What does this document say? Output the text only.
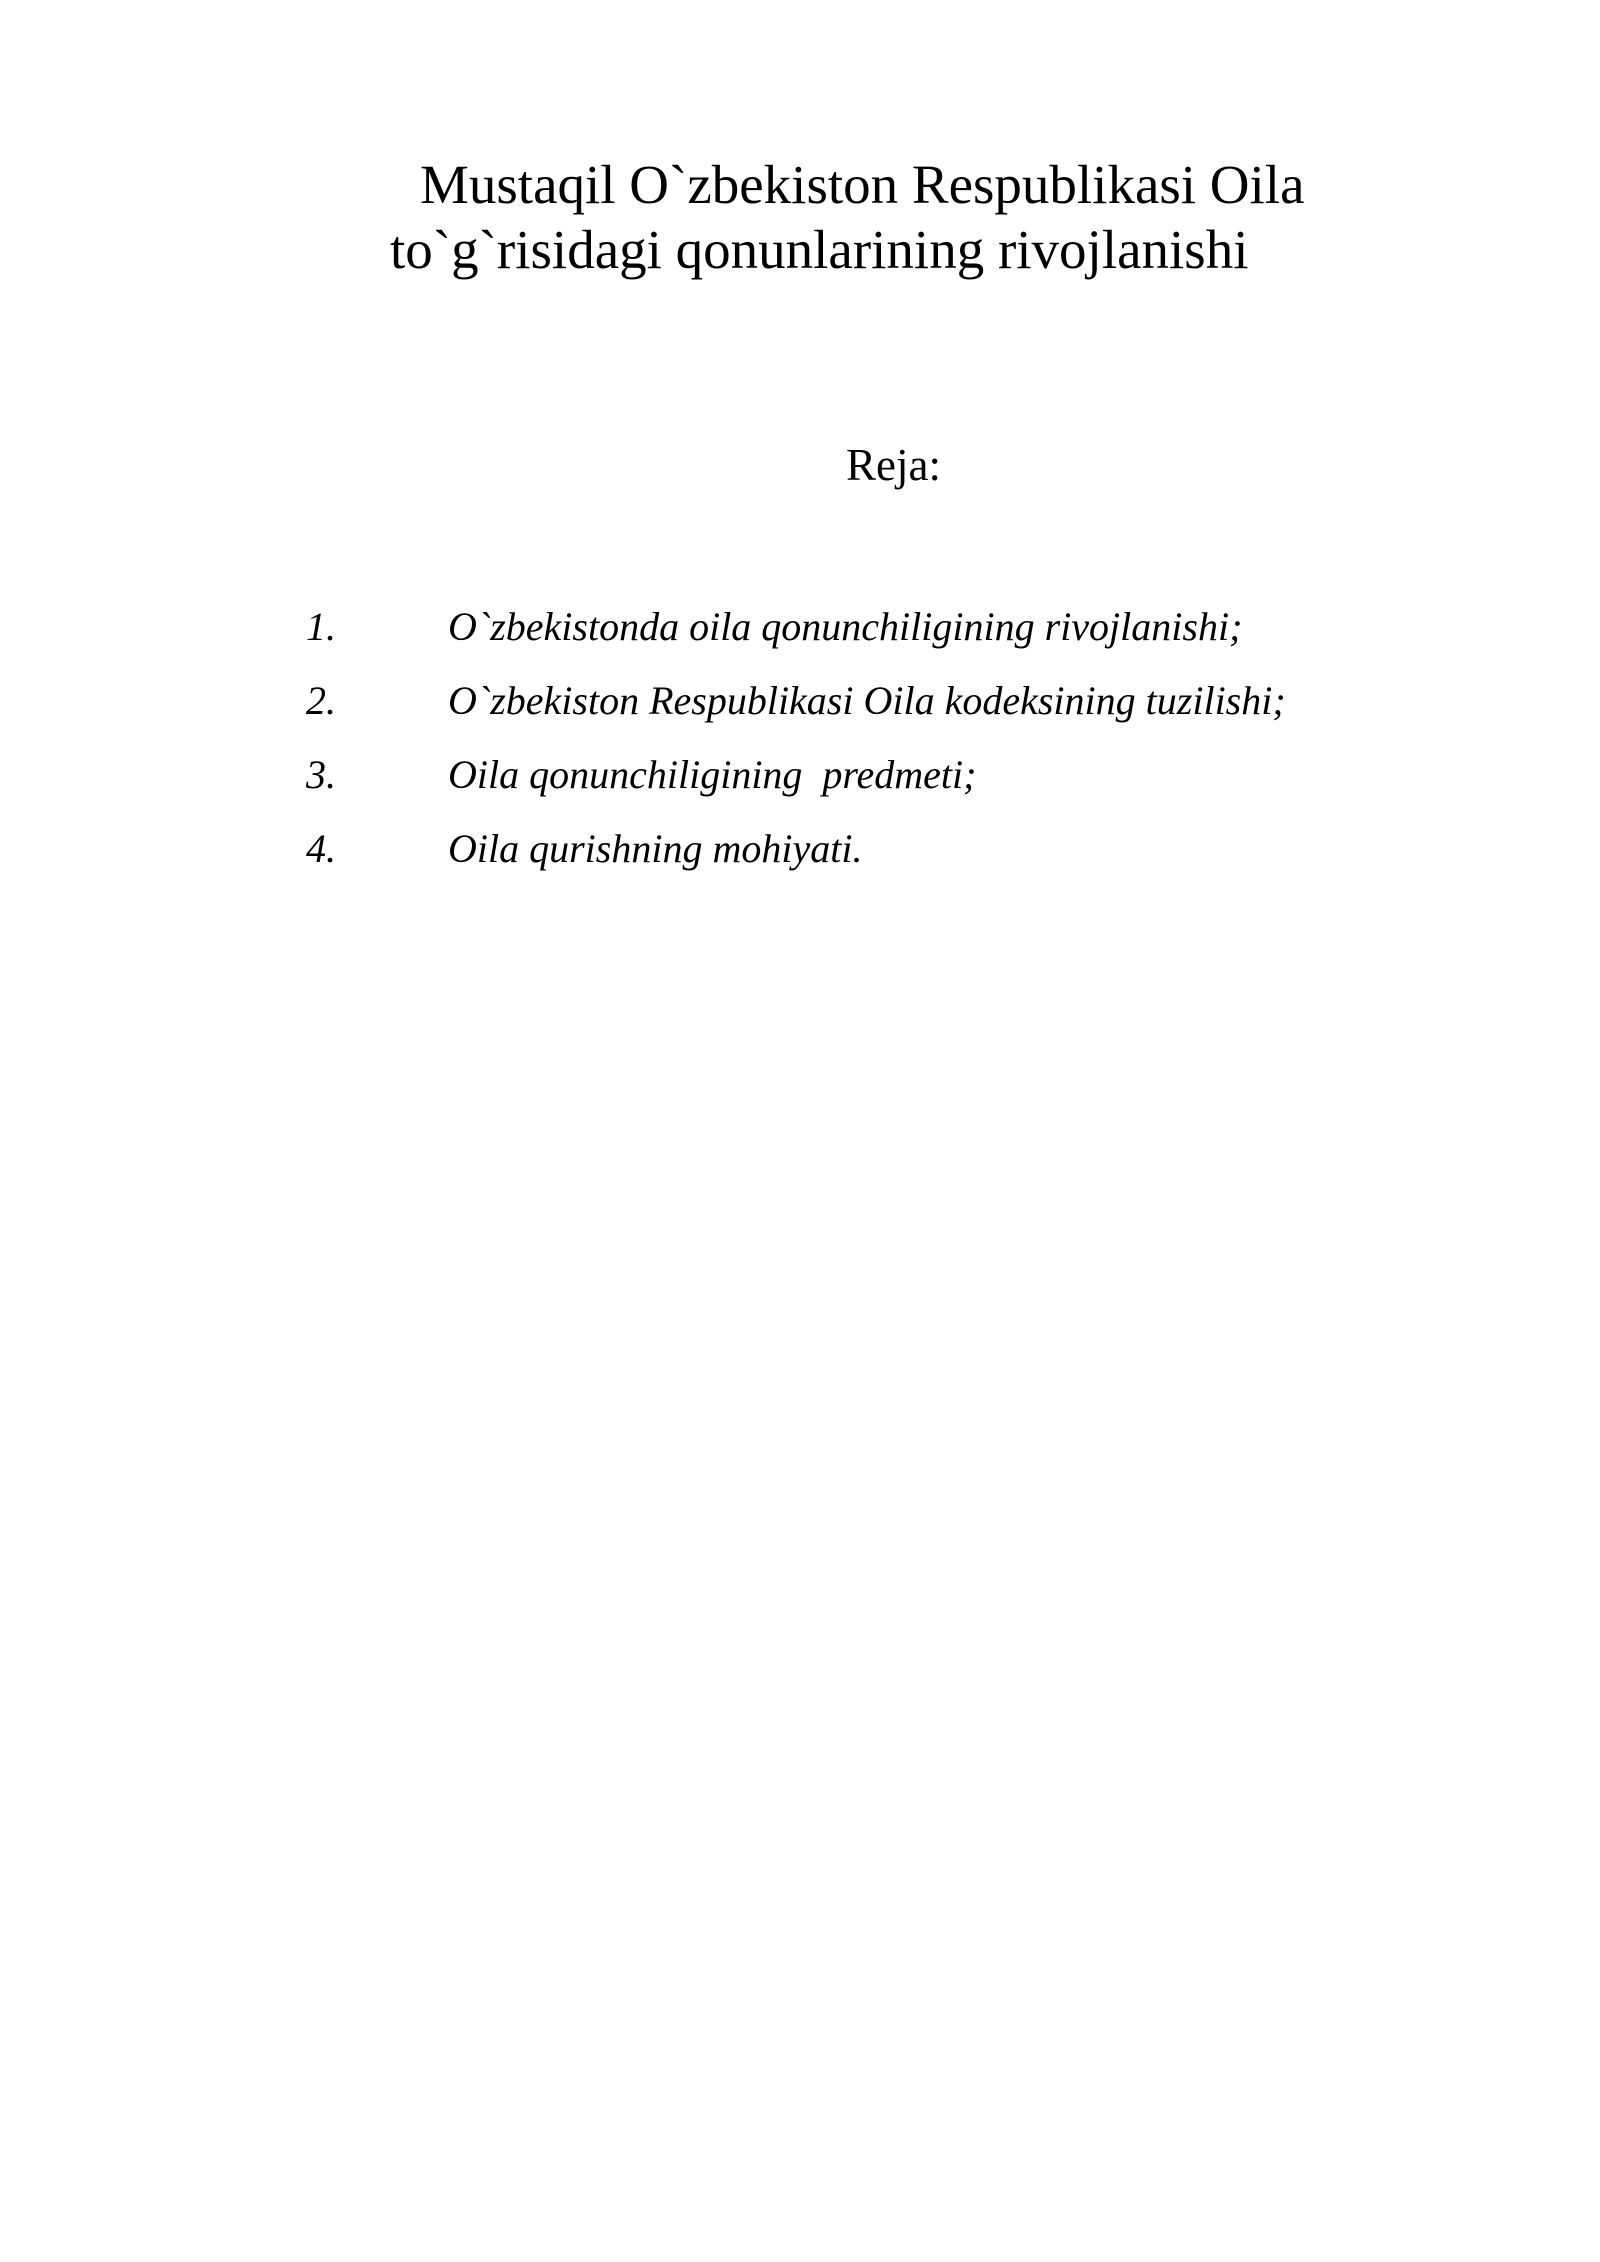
Mustaqil O`zbekiston Respublikasi Oila
to`g`risidagi qonunlarining rivojlanishi
Reja:
1.	O`zbekistonda oila qonunchiligining rivojlanishi;
2.	O`zbekiston Respublikasi Oila kodeksining tuzilishi;
3.	Oila qonunchiligining  predmeti;
4.	Oila qurishning mohiyati.
